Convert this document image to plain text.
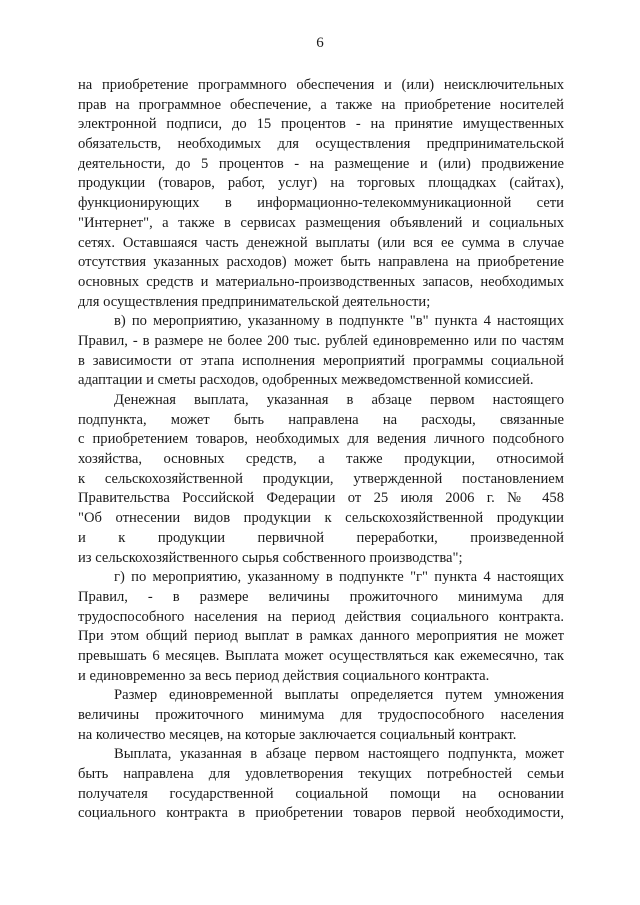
6
на приобретение программного обеспечения и (или) неисключительных
прав на программное обеспечение, а также на приобретение носителей
электронной подписи, до 15 процентов - на принятие имущественных
обязательств, необходимых для осуществления предпринимательской
деятельности, до 5 процентов - на размещение и (или) продвижение
продукции (товаров, работ, услуг) на торговых площадках (сайтах),
функционирующих в информационно-телекоммуникационной сети
"Интернет", а также в сервисах размещения объявлений и социальных
сетях. Оставшаяся часть денежной выплаты (или вся ее сумма в случае
отсутствия указанных расходов) может быть направлена на приобретение
основных средств и материально-производственных запасов, необходимых
для осуществления предпринимательской деятельности;
в) по мероприятию, указанному в подпункте "в" пункта 4 настоящих
Правил, - в размере не более 200 тыс. рублей единовременно или по частям
в зависимости от этапа исполнения мероприятий программы социальной
адаптации и сметы расходов, одобренных межведомственной комиссией.
Денежная выплата, указанная в абзаце первом настоящего
подпункта, может быть направлена на расходы, связанные
с приобретением товаров, необходимых для ведения личного подсобного
хозяйства, основных средств, а также продукции, относимой
к сельскохозяйственной продукции, утвержденной постановлением
Правительства Российской Федерации от 25 июля 2006 г. № 458
"Об отнесении видов продукции к сельскохозяйственной продукции
и к продукции первичной переработки, произведенной
из сельскохозяйственного сырья собственного производства";
г) по мероприятию, указанному в подпункте "г" пункта 4 настоящих
Правил, - в размере величины прожиточного минимума для
трудоспособного населения на период действия социального контракта.
При этом общий период выплат в рамках данного мероприятия не может
превышать 6 месяцев. Выплата может осуществляться как ежемесячно, так
и единовременно за весь период действия социального контракта.
Размер единовременной выплаты определяется путем умножения
величины прожиточного минимума для трудоспособного населения
на количество месяцев, на которые заключается социальный контракт.
Выплата, указанная в абзаце первом настоящего подпункта, может
быть направлена для удовлетворения текущих потребностей семьи
получателя государственной социальной помощи на основании
социального контракта в приобретении товаров первой необходимости,
